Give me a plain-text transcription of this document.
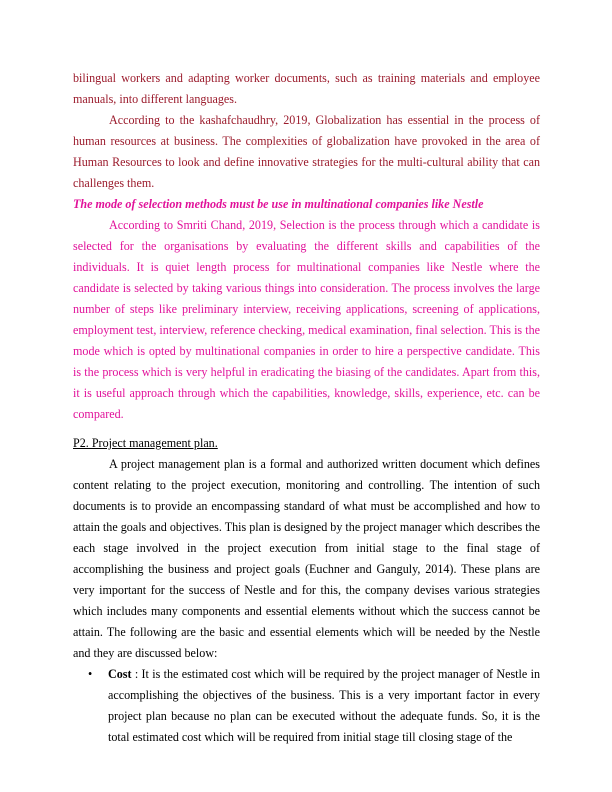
bilingual workers and adapting worker documents, such as training materials and employee manuals, into different languages.

According to the kashafchaudhry, 2019, Globalization has essential in the process of human resources at business. The complexities of globalization have provoked in the area of Human Resources to look and define innovative strategies for the multi-cultural ability that can challenges them.

The mode of selection methods must be use in multinational companies like Nestle

According to Smriti Chand, 2019, Selection is the process through which a candidate is selected for the organisations by evaluating the different skills and capabilities of the individuals. It is quiet length process for multinational companies like Nestle where the candidate is selected by taking various things into consideration. The process involves the large number of steps like preliminary interview, receiving applications, screening of applications, employment test, interview, reference checking, medical examination, final selection. This is the mode which is opted by multinational companies in order to hire a perspective candidate. This is the process which is very helpful in eradicating the biasing of the candidates. Apart from this, it is useful approach through which the capabilities, knowledge, skills, experience, etc. can be compared.

P2. Project management plan.

A project management plan is a formal and authorized written document which defines content relating to the project execution, monitoring and controlling. The intention of such documents is to provide an encompassing standard of what must be accomplished and how to attain the goals and objectives. This plan is designed by the project manager which describes the each stage involved in the project execution from initial stage to the final stage of accomplishing the business and project goals (Euchner and Ganguly, 2014). These plans are very important for the success of Nestle and for this, the company devises various strategies which includes many components and essential elements without which the success cannot be attain. The following are the basic and essential elements which will be needed by the Nestle and they are discussed below:

• Cost : It is the estimated cost which will be required by the project manager of Nestle in accomplishing the objectives of the business. This is a very important factor in every project plan because no plan can be executed without the adequate funds. So, it is the total estimated cost which will be required from initial stage till closing stage of the
